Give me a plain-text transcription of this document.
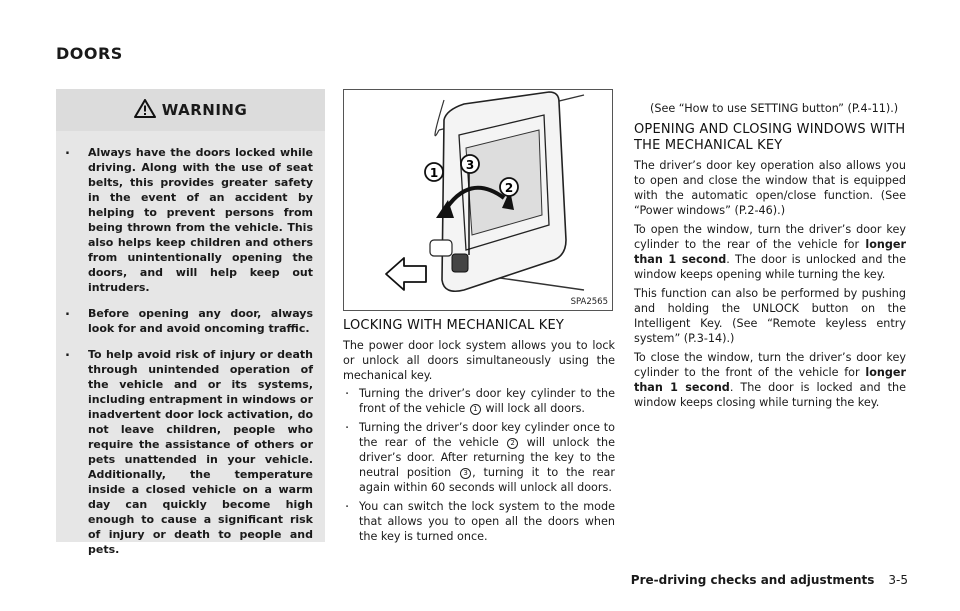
DOORS
WARNING
. Always have the doors locked while driving. Along with the use of seat belts, this provides greater safety in the event of an accident by helping to prevent persons from being thrown from the vehicle. This also helps keep children and others from unintentionally opening the doors, and will help keep out intruders.
. Before opening any door, always look for and avoid oncoming traffic.
. To help avoid risk of injury or death through unintended operation of the vehicle and or its systems, including entrapment in windows or inadvertent door lock activation, do not leave children, people who require the assistance of others or pets unattended in your vehicle. Additionally, the temperature inside a closed vehicle on a warm day can quickly become high enough to cause a significant risk of injury or death to people and pets.
1
3
2
SPA2565
LOCKING WITH MECHANICAL KEY

The power door lock system allows you to lock or unlock all doors simultaneously using the mechanical key.

. Turning the driver’s door key cylinder to the front of the vehicle 1 will lock all doors.
. Turning the driver’s door key cylinder once to the rear of the vehicle 2 will unlock the driver’s door. After returning the key to the neutral position 3 , turning it to the rear again within 60 seconds will unlock all doors.
. You can switch the lock system to the mode that allows you to open all the doors when the key is turned once.

(See “How to use SETTING button” (P.4-11).)

OPENING AND CLOSING WINDOWS WITH THE MECHANICAL KEY

The driver’s door key operation also allows you to open and close the window that is equipped with the automatic open/close function. (See “Power windows” (P.2-46).)

To open the window, turn the driver’s door key cylinder to the rear of the vehicle for longer than 1 second. The door is unlocked and the window keeps opening while turning the key.

This function can also be performed by pushing and holding the UNLOCK button on the Intelligent Key. (See “Remote keyless entry system” (P.3-14).)

To close the window, turn the driver’s door key cylinder to the front of the vehicle for longer than 1 second. The door is locked and the window keeps closing while turning the key.

Pre-driving checks and adjustments 3-5
